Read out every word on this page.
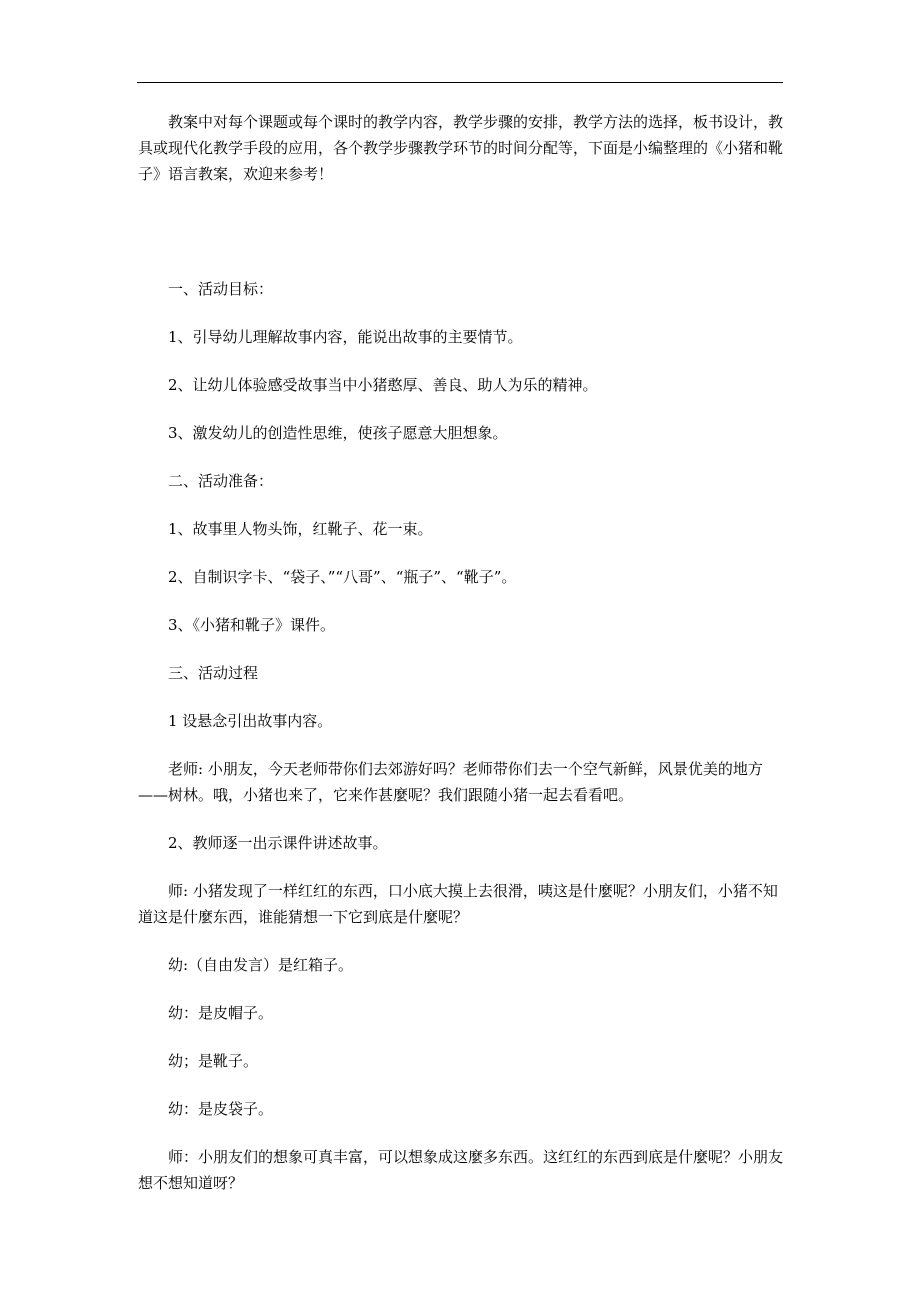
教案中对每个课题或每个课时的教学内容，教学步骤的安排，教学方法的选择，板书设计，教具或现代化教学手段的应用，各个教学步骤教学环节的时间分配等，下面是小编整理的《小猪和靴子》语言教案，欢迎来参考！

一、活动目标：

1、引导幼儿理解故事内容，能说出故事的主要情节。

2、让幼儿体验感受故事当中小猪憨厚、善良、助人为乐的精神。

3、激发幼儿的创造性思维，使孩子愿意大胆想象。

二、活动准备：

1、故事里人物头饰，红靴子、花一束。

2、自制识字卡、“袋子、”“八哥”、“瓶子”、“靴子”。

3、《小猪和靴子》课件。

三、活动过程

1 设悬念引出故事内容。

老师: 小朋友，今天老师带你们去郊游好吗？老师带你们去一个空气新鲜，风景优美的地方——树林。哦，小猪也来了，它来作甚麼呢？我们跟随小猪一起去看看吧。

2、教师逐一出示课件讲述故事。

师: 小猪发现了一样红红的东西，口小底大摸上去很滑，咦这是什麼呢？小朋友们，小猪不知道这是什麼东西，谁能猜想一下它到底是什麼呢？

幼:（自由发言）是红箱子。

幼：是皮帽子。

幼；是靴子。

幼：是皮袋子。

师：小朋友们的想象可真丰富，可以想象成这麼多东西。这红红的东西到底是什麼呢？小朋友想不想知道呀？
